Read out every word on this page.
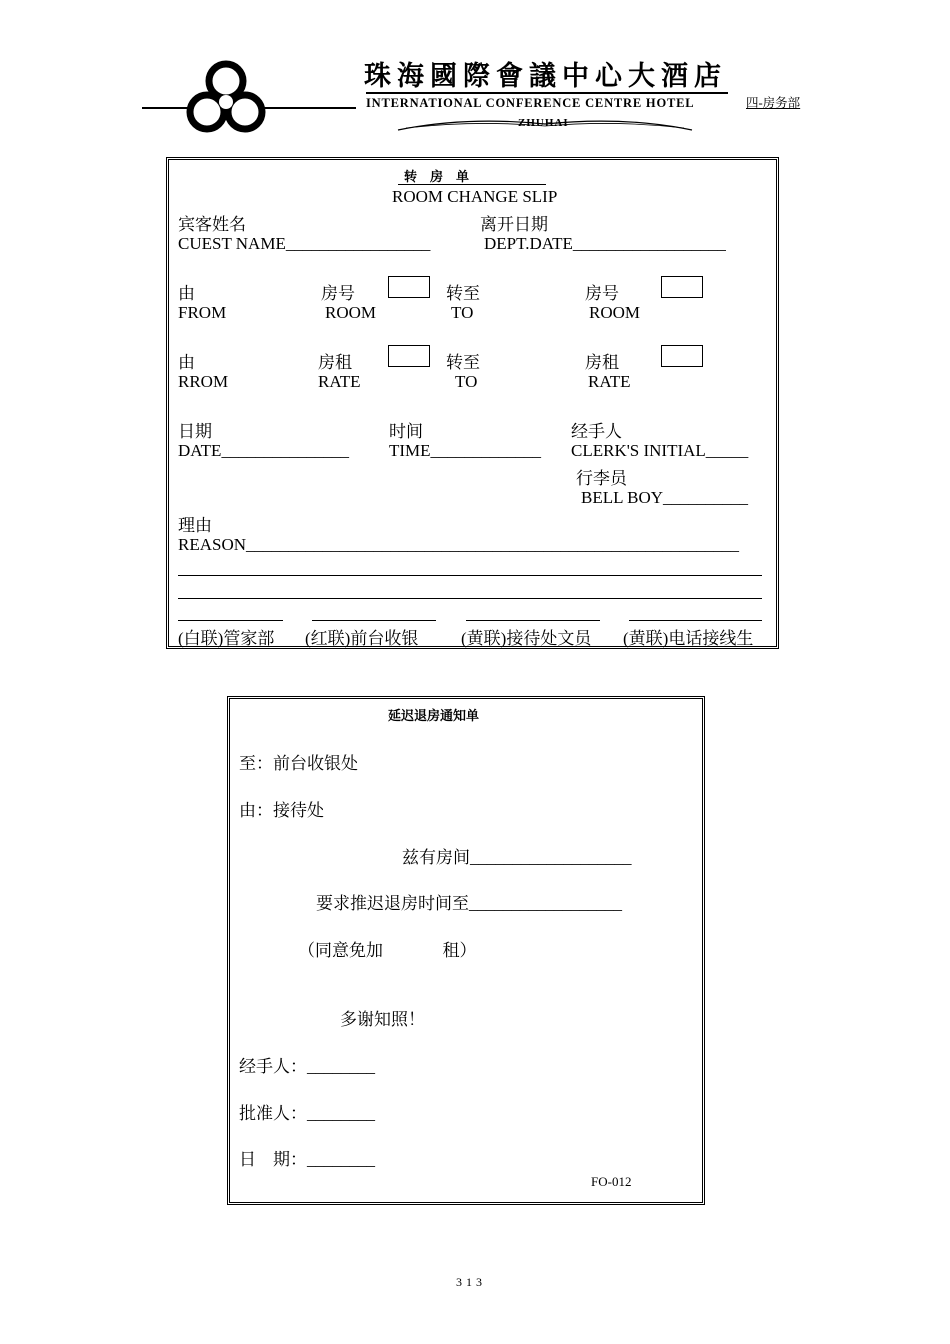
珠海國際會議中心大酒店
INTERNATIONAL CONFERENCE CENTRE HOTEL
ZHUHAI
四-房务部
转    房    单
ROOM CHANGE SLIP
宾客姓名	离开日期
CUEST NAME_________________	DEPT.DATE__________________
由	房号	转至	房号
FROM	ROOM	TO	ROOM
由	房租	转至	房租
RROM	RATE	TO	RATE
日期	时间	经手人
DATE_______________ TIME_____________ CLERK'S INITIAL_____
行李员
BELL BOY__________
理由
REASON__________________________________________________________
(白联)管家部 (红联)前台收银	(黄联)接待处文员 (黄联)电话接线生
延迟退房通知单
至：前台收银处
由：接待处
兹有房间___________________
要求推迟退房时间至__________________
（同意免加              租）
多谢知照！
经手人：________
批准人：________
日    期：________
FO-012
313
